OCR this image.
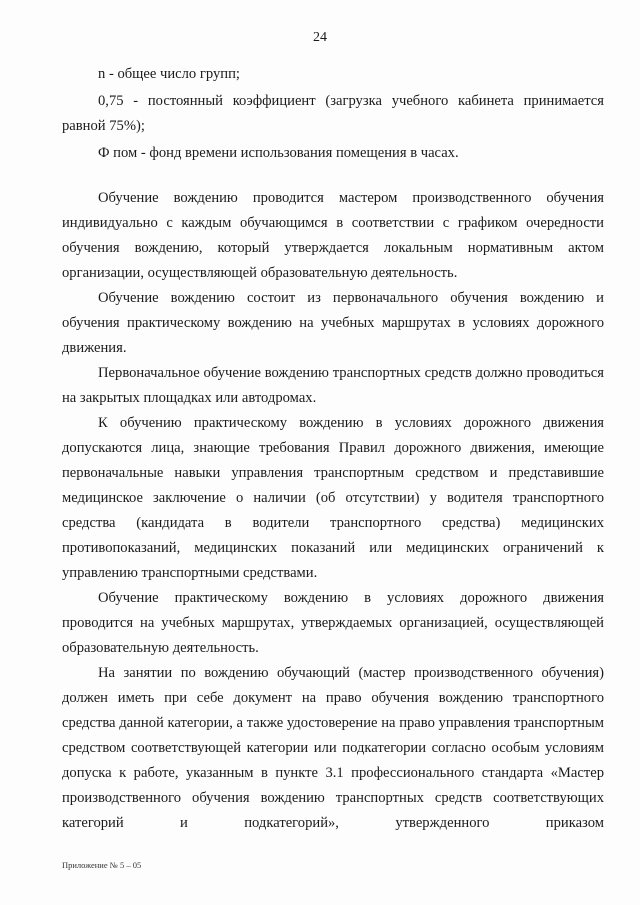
24

n - общее число групп;

0,75 - постоянный коэффициент (загрузка учебного кабинета принимается равной 75%);

Ф пом - фонд времени использования помещения в часах.

Обучение вождению проводится мастером производственного обучения индивидуально с каждым обучающимся в соответствии с графиком очередности обучения вождению, который утверждается локальным нормативным актом организации, осуществляющей образовательную деятельность.

Обучение вождению состоит из первоначального обучения вождению и обучения практическому вождению на учебных маршрутах в условиях дорожного движения.

Первоначальное обучение вождению транспортных средств должно проводиться на закрытых площадках или автодромах.

К обучению практическому вождению в условиях дорожного движения допускаются лица, знающие требования Правил дорожного движения, имеющие первоначальные навыки управления транспортным средством и представившие медицинское заключение о наличии (об отсутствии) у водителя транспортного средства (кандидата в водители транспортного средства) медицинских противопоказаний, медицинских показаний или медицинских ограничений к управлению транспортными средствами.

Обучение практическому вождению в условиях дорожного движения проводится на учебных маршрутах, утверждаемых организацией, осуществляющей образовательную деятельность.

На занятии по вождению обучающий (мастер производственного обучения) должен иметь при себе документ на право обучения вождению транспортного средства данной категории, а также удостоверение на право управления транспортным средством соответствующей категории или подкатегории согласно особым условиям допуска к работе, указанным в пункте 3.1 профессионального стандарта «Мастер производственного обучения вождению транспортных средств соответствующих категорий и подкатегорий», утвержденного приказом

Приложение № 5 – 05
